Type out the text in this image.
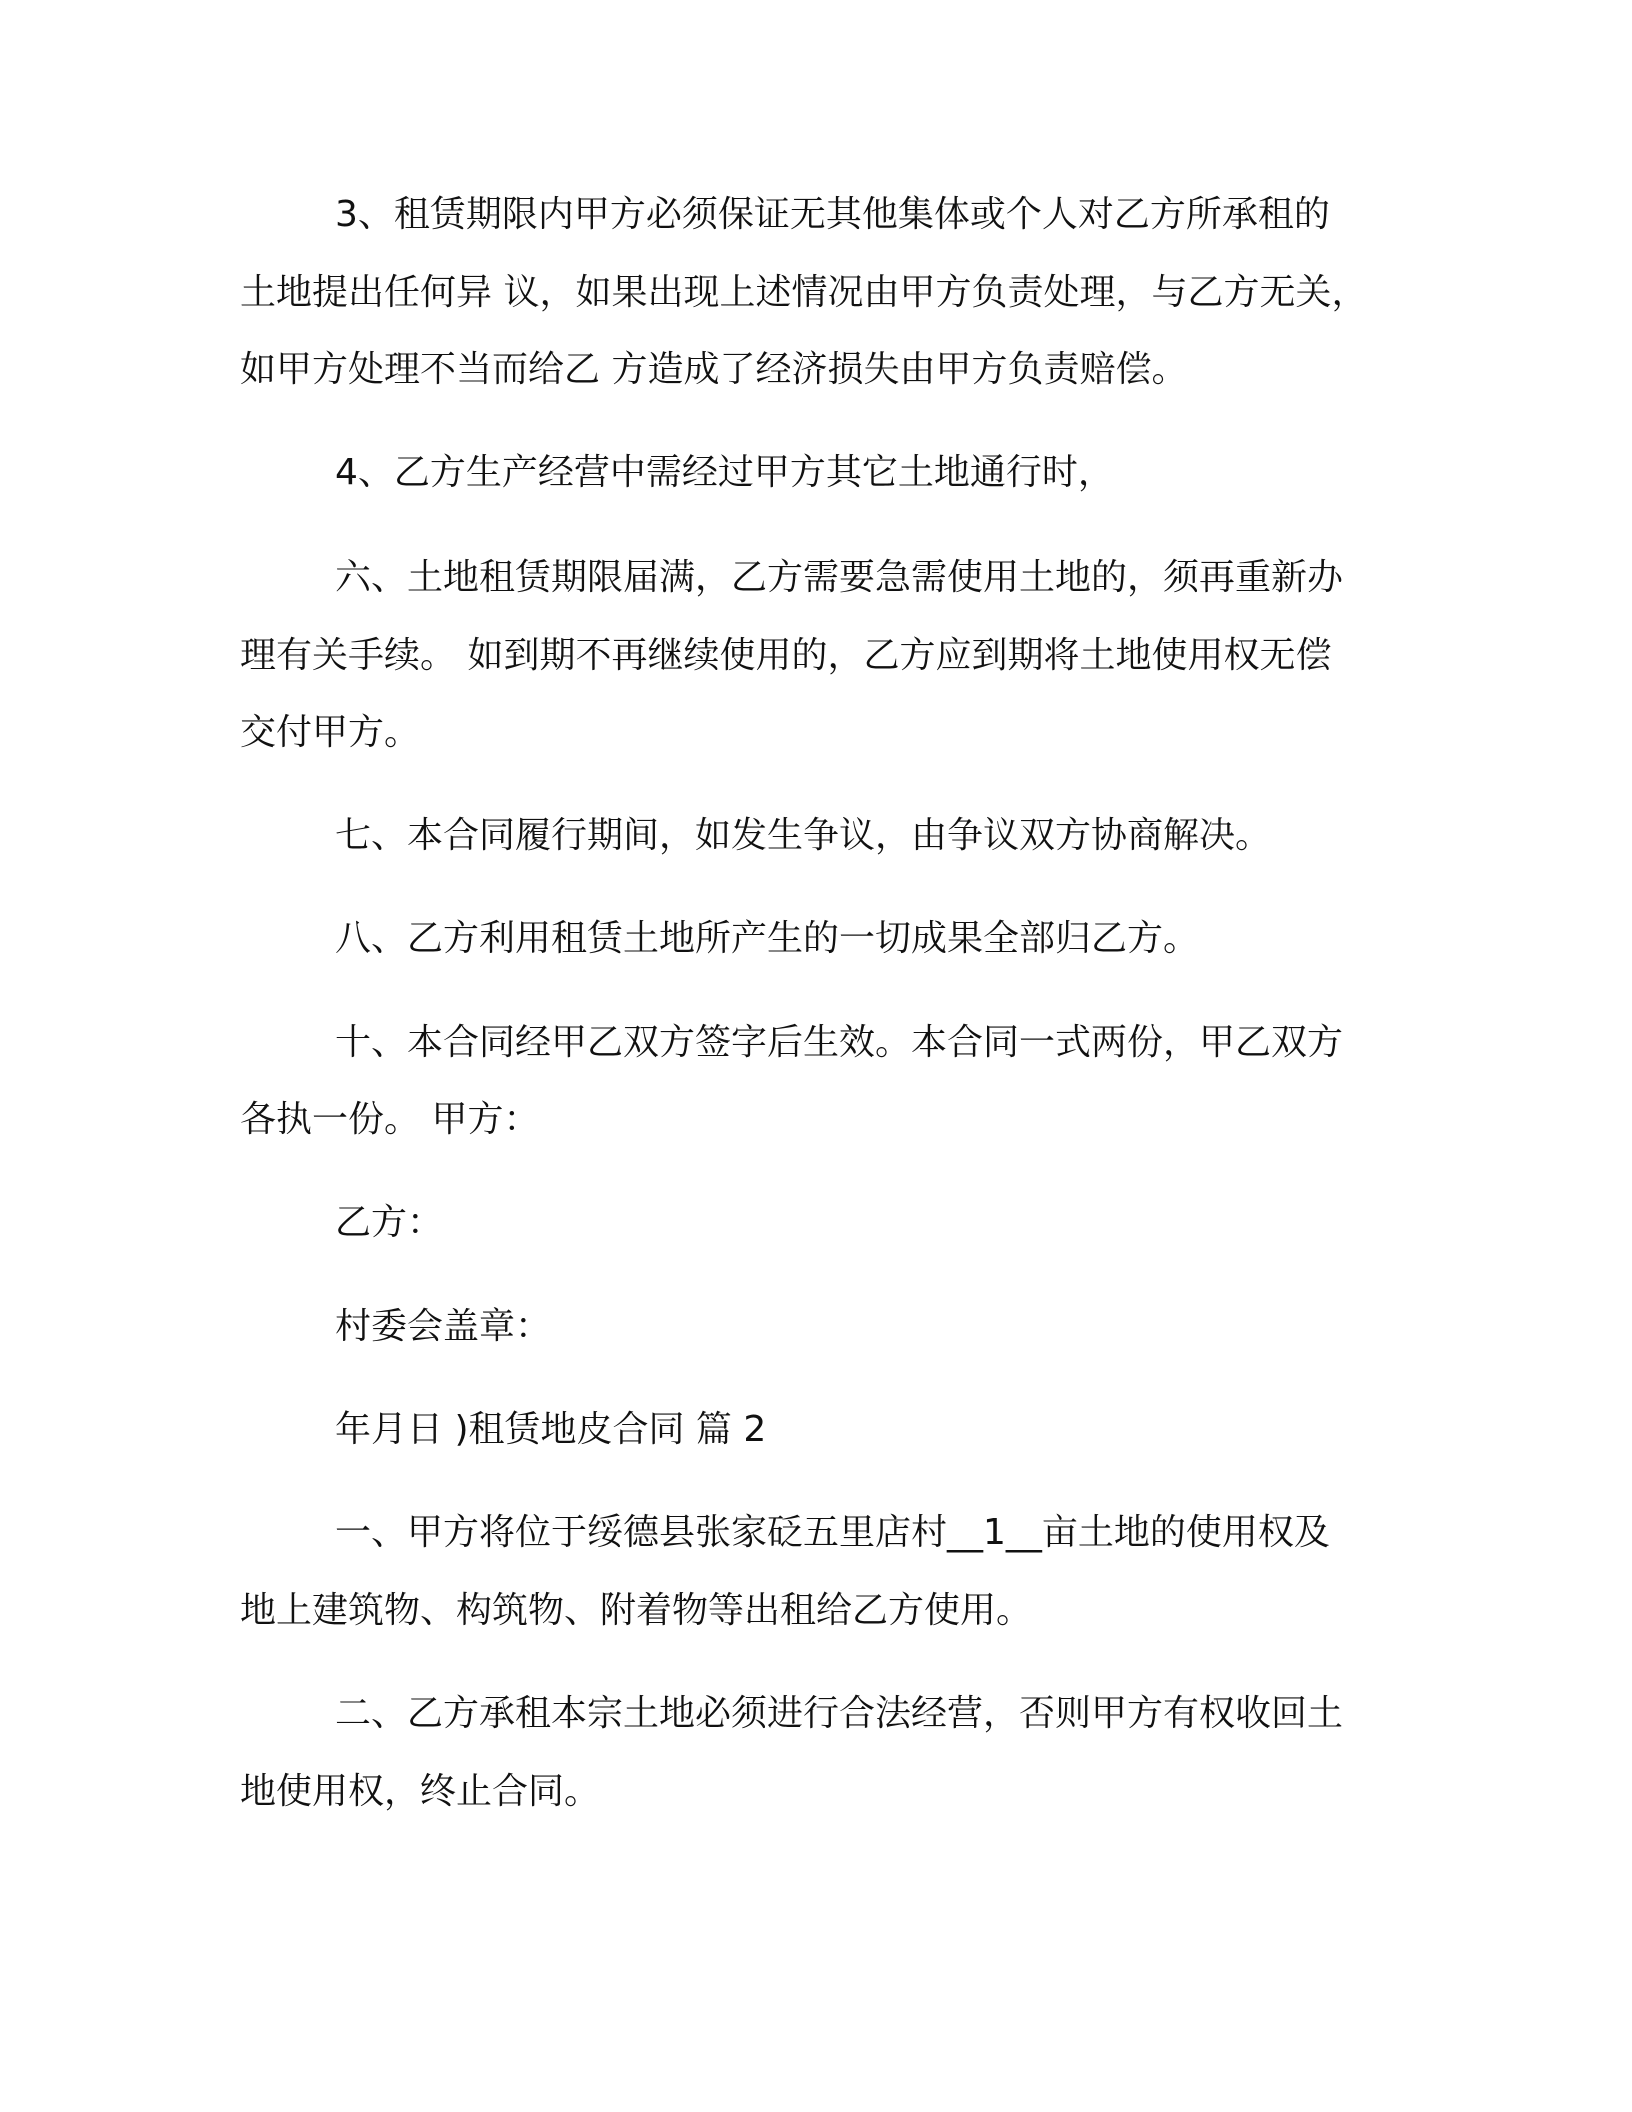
3、租赁期限内甲方必须保证无其他集体或个人对乙方所承租的

土地提出任何异 议，如果出现上述情况由甲方负责处理，与乙方无关，

如甲方处理不当而给乙 方造成了经济损失由甲方负责赔偿。

4、乙方生产经营中需经过甲方其它土地通行时，

六、土地租赁期限届满，乙方需要急需使用土地的，须再重新办

理有关手续。 如到期不再继续使用的，乙方应到期将土地使用权无偿

交付甲方。

七、本合同履行期间，如发生争议，由争议双方协商解决。

八、乙方利用租赁土地所产生的一切成果全部归乙方。

十、本合同经甲乙双方签字后生效。本合同一式两份，甲乙双方

各执一份。 甲方：

乙方：

村委会盖章：

年月日 )租赁地皮合同 篇 2

一、甲方将位于绥德县张家砭五里店村__1__亩土地的使用权及

地上建筑物、构筑物、附着物等出租给乙方使用。

二、乙方承租本宗土地必须进行合法经营，否则甲方有权收回土

地使用权，终止合同。
